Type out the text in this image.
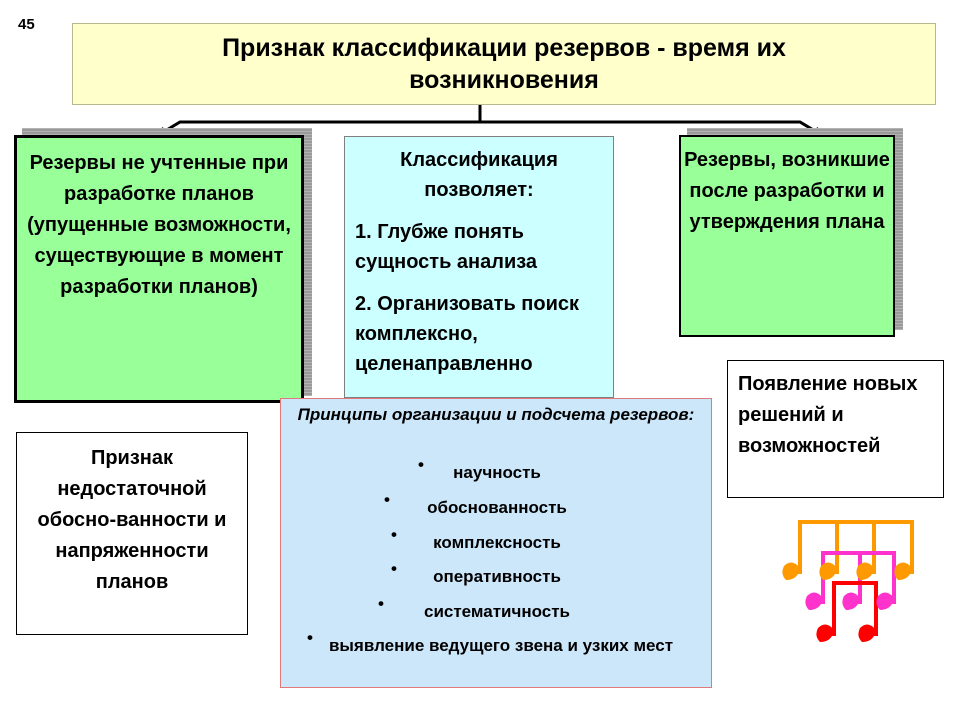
45
Признак классификации резервов - время их возникновения
Резервы не учтенные при разработке планов (упущенные возможности, существующие в момент разработки планов)
Резервы, возникшие после разработки и утверждения плана
Классификация позволяет:
1. Глубже понять сущность анализа
2. Организовать поиск комплексно, целенаправленно
Признак недостаточной обосно-ванности и напряженности планов
Появление новых решений и возможностей
Принципы организации и подсчета резервов:
•	научность
•	обоснованность
•	комплексность
•	оперативность
•	систематичность
• выявление ведущего звена и узких мест
